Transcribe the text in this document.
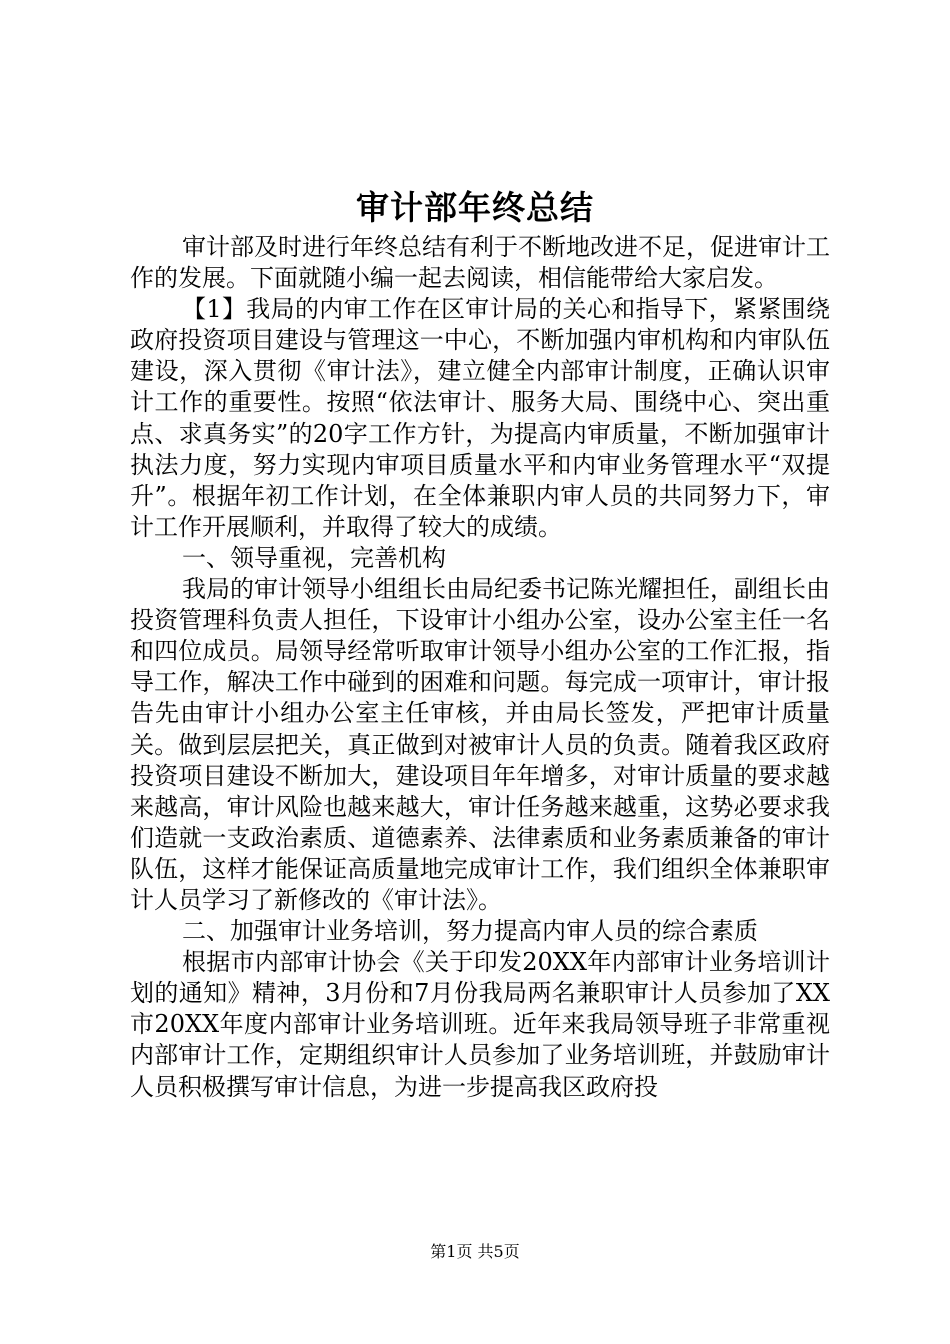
审计部年终总结

审计部及时进行年终总结有利于不断地改进不足，促进审计工作的发展。下面就随小编一起去阅读，相信能带给大家启发。

【1】我局的内审工作在区审计局的关心和指导下，紧紧围绕政府投资项目建设与管理这一中心，不断加强内审机构和内审队伍建设，深入贯彻《审计法》，建立健全内部审计制度，正确认识审计工作的重要性。按照“依法审计、服务大局、围绕中心、突出重点、求真务实”的20字工作方针，为提高内审质量，不断加强审计执法力度，努力实现内审项目质量水平和内审业务管理水平“双提升”。根据年初工作计划，在全体兼职内审人员的共同努力下，审计工作开展顺利，并取得了较大的成绩。

一、领导重视，完善机构

我局的审计领导小组组长由局纪委书记陈光耀担任，副组长由投资管理科负责人担任，下设审计小组办公室，设办公室主任一名和四位成员。局领导经常听取审计领导小组办公室的工作汇报，指导工作，解决工作中碰到的困难和问题。每完成一项审计，审计报告先由审计小组办公室主任审核，并由局长签发，严把审计质量关。做到层层把关，真正做到对被审计人员的负责。随着我区政府投资项目建设不断加大，建设项目年年增多，对审计质量的要求越来越高，审计风险也越来越大，审计任务越来越重，这势必要求我们造就一支政治素质、道德素养、法律素质和业务素质兼备的审计队伍，这样才能保证高质量地完成审计工作，我们组织全体兼职审计人员学习了新修改的《审计法》。

二、加强审计业务培训，努力提高内审人员的综合素质

根据市内部审计协会《关于印发20XX年内部审计业务培训计划的通知》精神，3月份和7月份我局两名兼职审计人员参加了XX市20XX年度内部审计业务培训班。近年来我局领导班子非常重视内部审计工作，定期组织审计人员参加了业务培训班，并鼓励审计人员积极撰写审计信息，为进一步提高我区政府投

第1页 共5页
